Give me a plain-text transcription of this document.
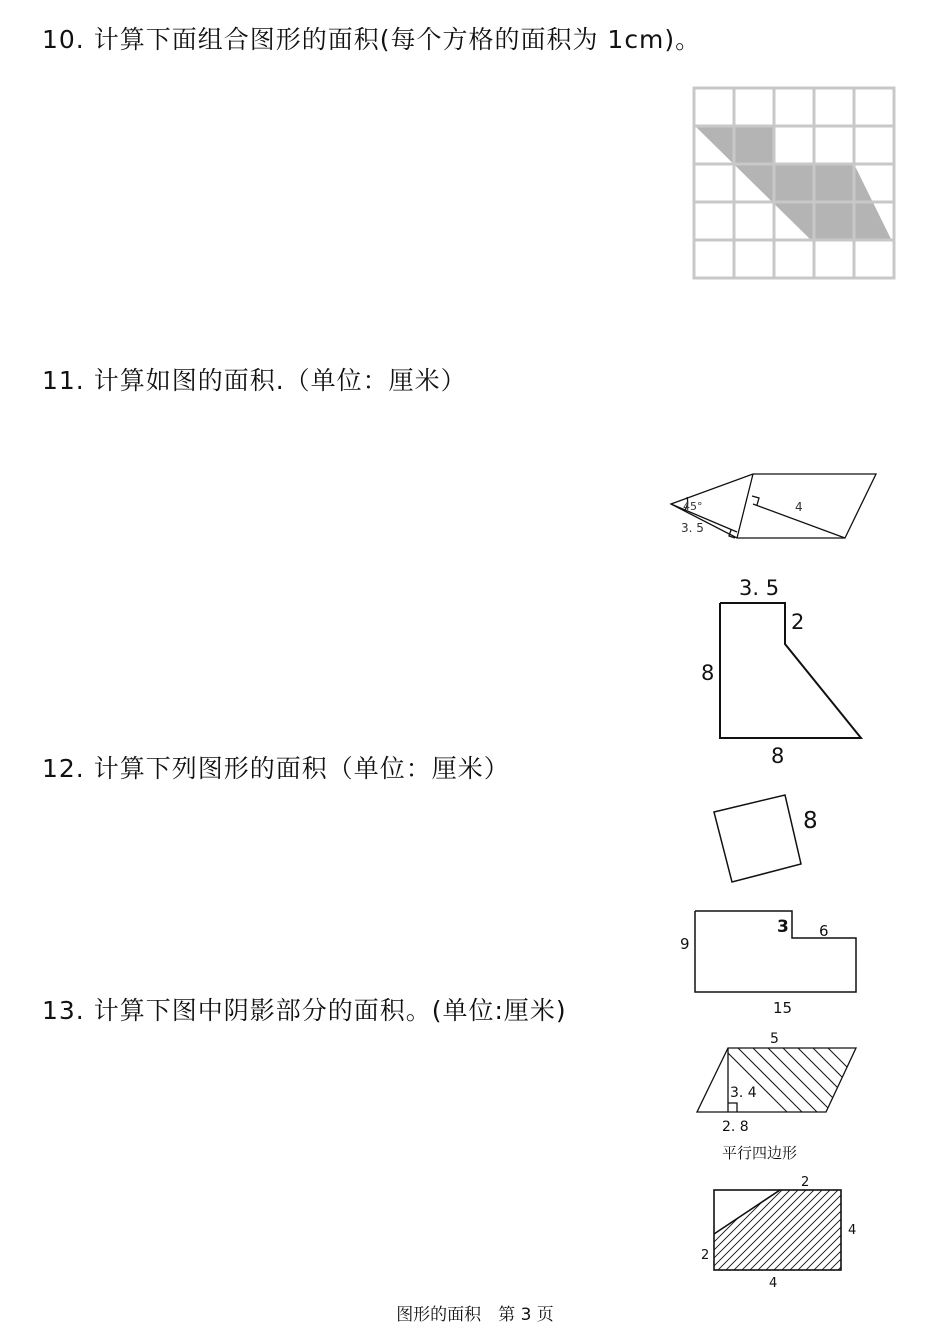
10. 计算下面组合图形的面积(每个方格的面积为 1cm)。
11. 计算如图的面积.（单位：厘米）
45°
3. 5
4
3. 5
2
8
8
12. 计算下列图形的面积（单位：厘米）
8
9
3 6
15
13. 计算下图中阴影部分的面积。(单位:厘米)
5
3. 4
2. 8
平行四边形
2
4
2
4
图形的面积　第 3 页
